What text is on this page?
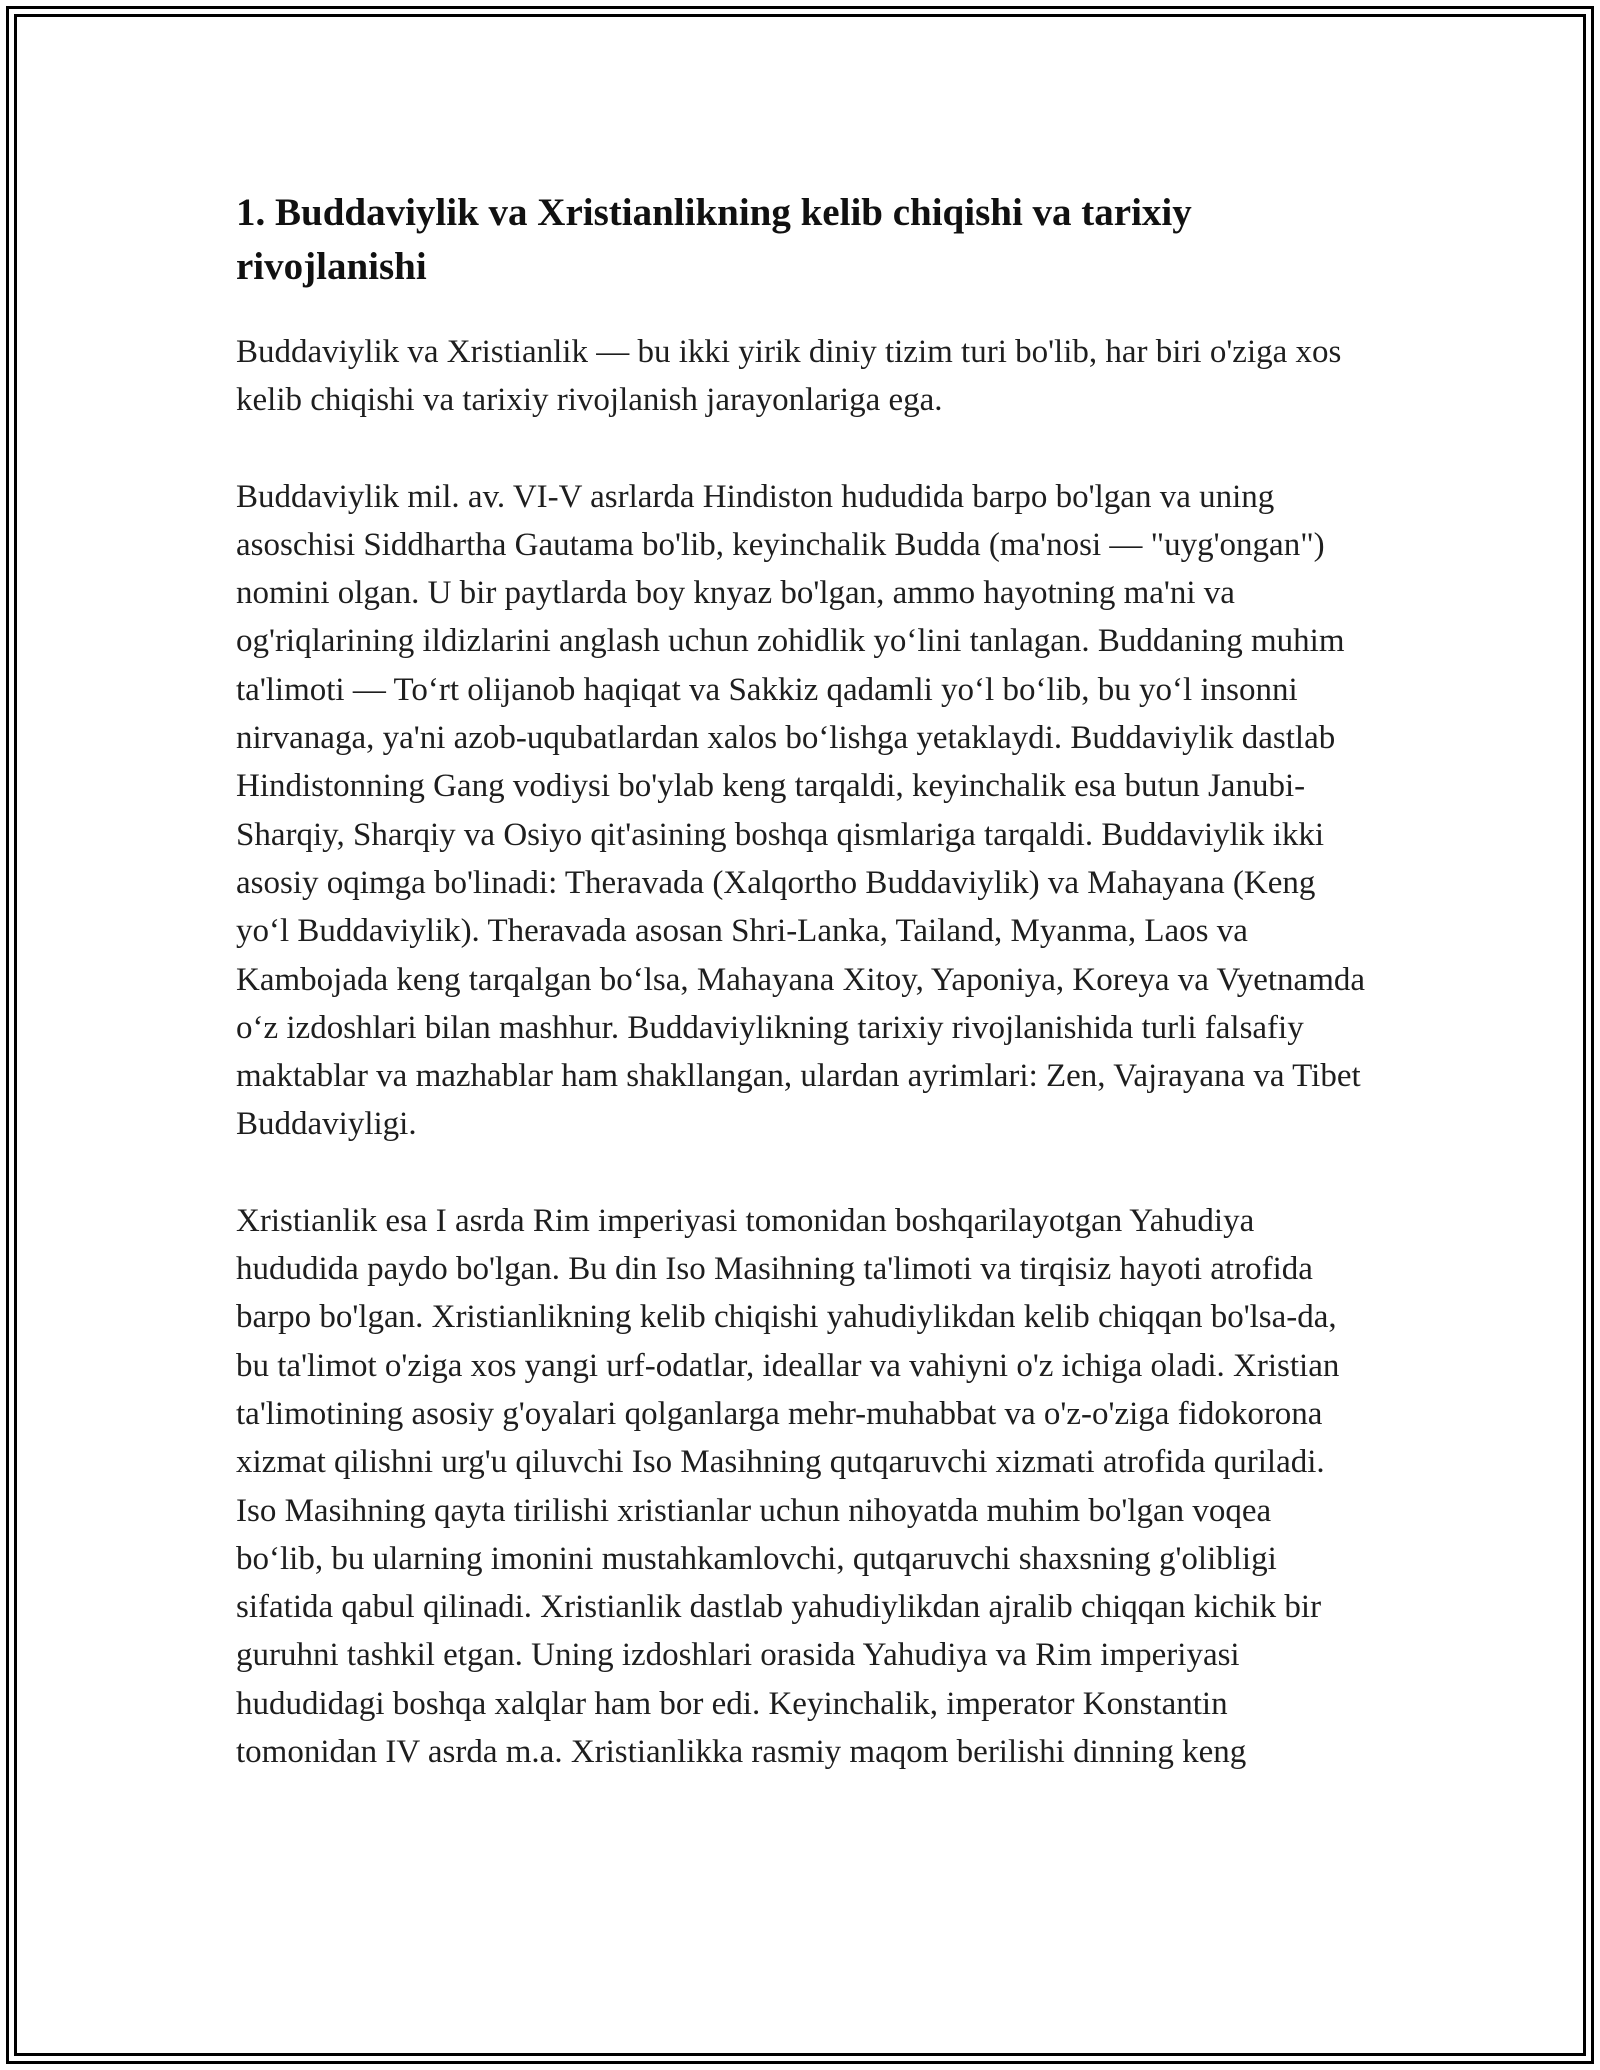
1. Buddaviylik va Xristianlikning kelib chiqishi va tarixiy rivojlanishi

Buddaviylik va Xristianlik — bu ikki yirik diniy tizim turi bo'lib, har biri o'ziga xos kelib chiqishi va tarixiy rivojlanish jarayonlariga ega.

Buddaviylik mil. av. VI-V asrlarda Hindiston hududida barpo bo'lgan va uning asoschisi Siddhartha Gautama bo'lib, keyinchalik Budda (ma'nosi — "uyg'ongan") nomini olgan. U bir paytlarda boy knyaz bo'lgan, ammo hayotning ma'ni va og'riqlarining ildizlarini anglash uchun zohidlik yo‘lini tanlagan. Buddaning muhim ta'limoti — To‘rt olijanob haqiqat va Sakkiz qadamli yo‘l bo‘lib, bu yo‘l insonni nirvanaga, ya'ni azob-uqubatlardan xalos bo‘lishga yetaklaydi. Buddaviylik dastlab Hindistonning Gang vodiysi bo'ylab keng tarqaldi, keyinchalik esa butun Janubi-Sharqiy, Sharqiy va Osiyo qit'asining boshqa qismlariga tarqaldi. Buddaviylik ikki asosiy oqimga bo'linadi: Theravada (Xalqortho Buddaviylik) va Mahayana (Keng yo‘l Buddaviylik). Theravada asosan Shri-Lanka, Tailand, Myanma, Laos va Kambojada keng tarqalgan bo‘lsa, Mahayana Xitoy, Yaponiya, Koreya va Vyetnamda o‘z izdoshlari bilan mashhur. Buddaviylikning tarixiy rivojlanishida turli falsafiy maktablar va mazhablar ham shakllangan, ulardan ayrimlari: Zen, Vajrayana va Tibet Buddaviyligi.

Xristianlik esa I asrda Rim imperiyasi tomonidan boshqarilayotgan Yahudiya hududida paydo bo'lgan. Bu din Iso Masihning ta'limoti va tirqisiz hayoti atrofida barpo bo'lgan. Xristianlikning kelib chiqishi yahudiylikdan kelib chiqqan bo'lsa-da, bu ta'limot o'ziga xos yangi urf-odatlar, ideallar va vahiyni o'z ichiga oladi. Xristian ta'limotining asosiy g'oyalari qolganlarga mehr-muhabbat va o'z-o'ziga fidokorona xizmat qilishni urg'u qiluvchi Iso Masihning qutqaruvchi xizmati atrofida quriladi. Iso Masihning qayta tirilishi xristianlar uchun nihoyatda muhim bo'lgan voqea bo‘lib, bu ularning imonini mustahkamlovchi, qutqaruvchi shaxsning g'olibligi sifatida qabul qilinadi. Xristianlik dastlab yahudiylikdan ajralib chiqqan kichik bir guruhni tashkil etgan. Uning izdoshlari orasida Yahudiya va Rim imperiyasi hududidagi boshqa xalqlar ham bor edi. Keyinchalik, imperator Konstantin tomonidan IV asrda m.a. Xristianlikka rasmiy maqom berilishi dinning keng
